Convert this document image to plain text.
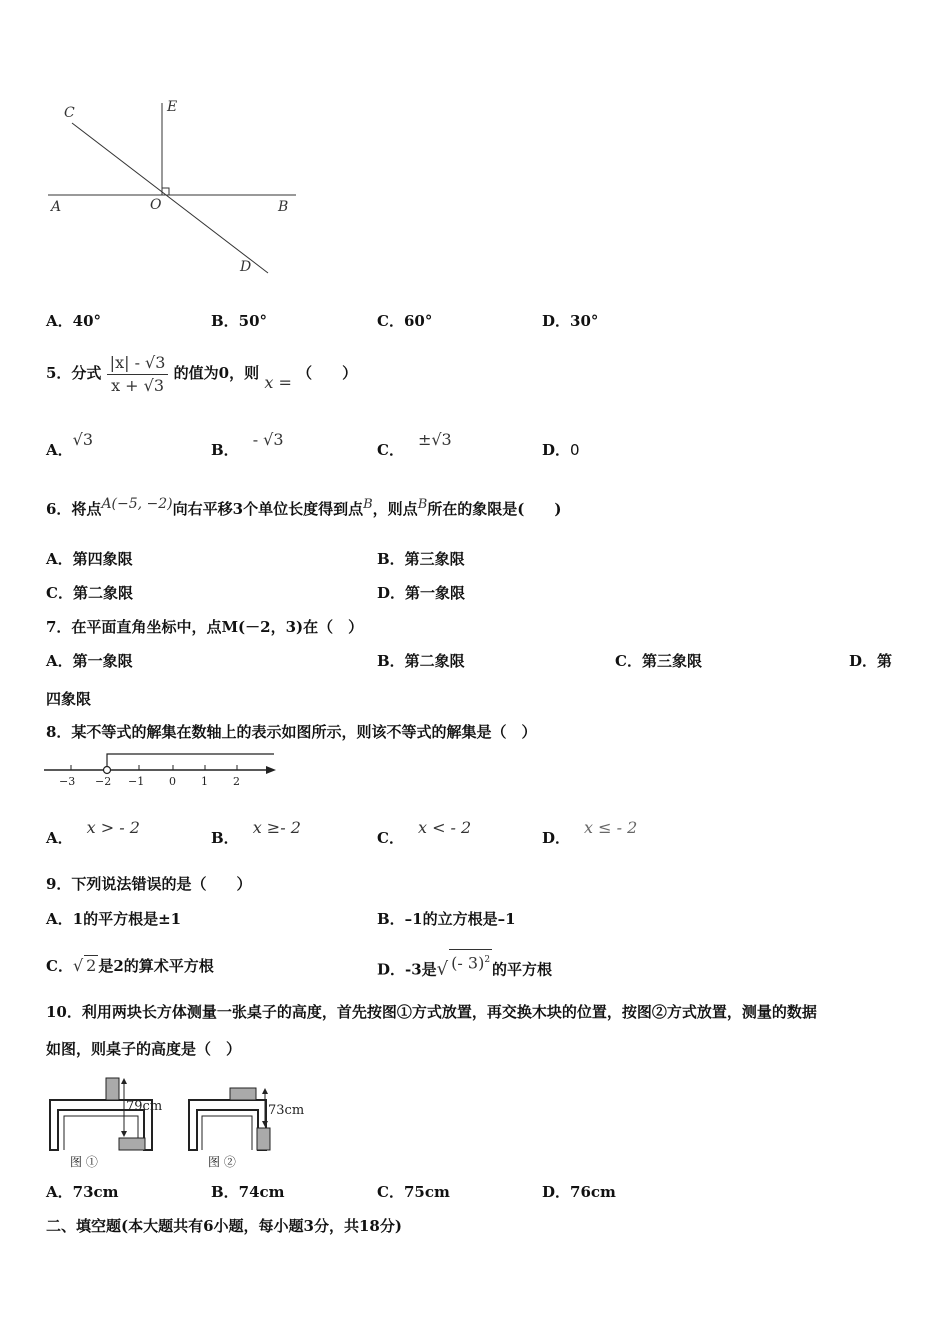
C	E
A	O	B
D
A．40°	B．50°	C．60°	D．30°
5．分式 $\frac{|x| - √3}{x + √3}$ 的值为0，则 x = （　　）
A．√3
B．- √3
C．±√3
D．0
6．将点A(−5, −2)向右平移3个单位长度得到点B，则点B所在的象限是(　　)
A．第四象限	B．第三象限
C．第二象限	D．第一象限
7．在平面直角坐标中，点M(－2，3)在（　）
A．第一象限	B．第二象限	C．第三象限	D．第
四象限
8．某不等式的解集在数轴上的表示如图所示，则该不等式的解集是（　）
−3 −2 −1 0 1 2
A．x > - 2
B．x ≥- 2
C．x < - 2
D．x ≤ - 2
9．下列说法错误的是（　　）
A．1的平方根是±1	B．–1的立方根是–1
C．√ 2 是2的算术平方根	D．-3是√ (- 3)$^2$的平方根
10．利用两块长方体测量一张桌子的高度，首先按图①方式放置，再交换木块的位置，按图②方式放置，测量的数据
如图，则桌子的高度是（　）
79cm
图 ①
73cm
图 ②
A．73cm	B．74cm	C．75cm	D．76cm
二、填空题(本大题共有6小题，每小题3分，共18分)
